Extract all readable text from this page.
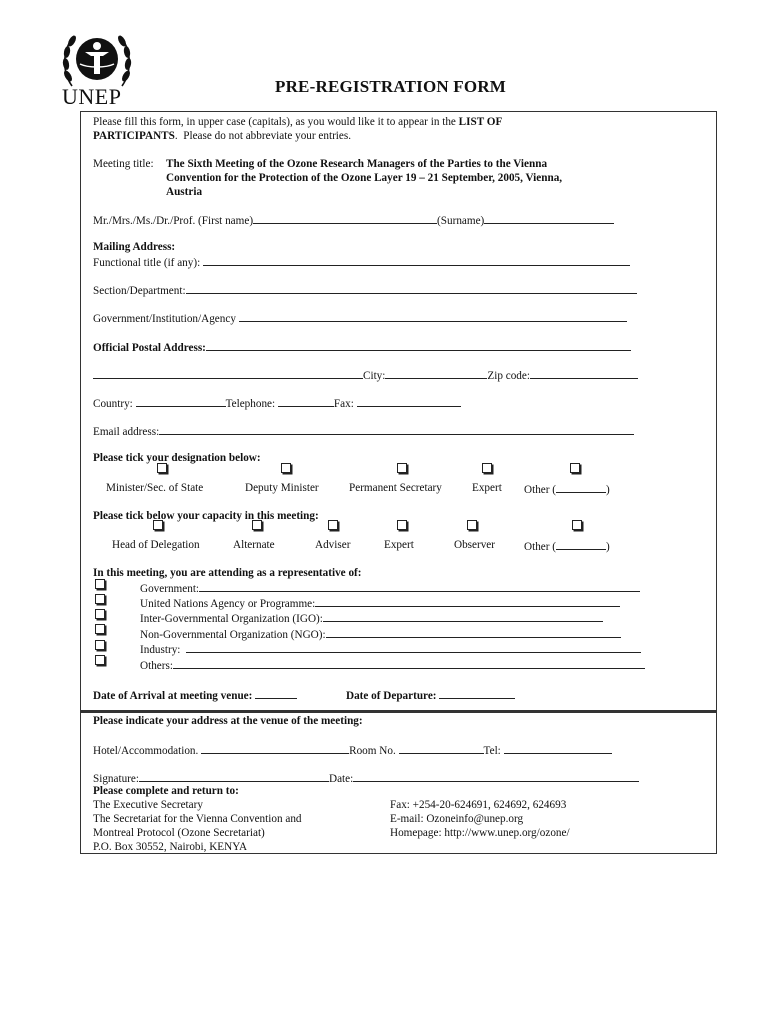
UNEP	PRE-REGISTRATION FORM
Please fill this form, in upper case (capitals), as you would like it to appear in the LIST OF
PARTICIPANTS.  Please do not abbreviate your entries.
Meeting title: The Sixth Meeting of the Ozone Research Managers of the Parties to the Vienna
Convention for the Protection of the Ozone Layer 19 – 21 September, 2005, Vienna,
Austria
Mr./Mrs./Ms./Dr./Prof. (First name)	(Surname)
Mailing Address:
Functional title (if any):
Section/Department:
Government/Institution/Agency
Official Postal Address:
City:	Zip code:
Country:	Telephone:	Fax:
Email address:
Please tick your designation below:
Minister/Sec. of State	Deputy Minister	Permanent Secretary	Expert Other (	)
Please tick below your capacity in this meeting:
Head of Delegation	Alternate	Adviser	Expert	Observer	Other (	)
In this meeting, you are attending as a representative of:
Government:
United Nations Agency or Programme:
Inter-Governmental Organization (IGO):
Non-Governmental Organization (NGO):
Industry:
Others:
Date of Arrival at meeting venue:	Date of Departure:
Please indicate your address at the venue of the meeting:
Hotel/Accommodation.	Room No.	Tel:
Signature:	Date:
Please complete and return to:
The Executive Secretary
The Secretariat for the Vienna Convention and
Montreal Protocol (Ozone Secretariat)
P.O. Box 30552, Nairobi, KENYA
Fax: +254-20-624691, 624692, 624693
E-mail: Ozoneinfo@unep.org
Homepage: http://www.unep.org/ozone/
